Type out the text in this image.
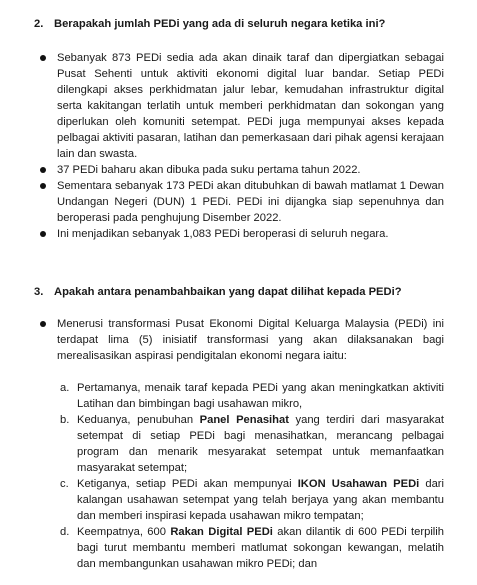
2. Berapakah jumlah PEDi yang ada di seluruh negara ketika ini?
Sebanyak 873 PEDi sedia ada akan dinaik taraf dan dipergiatkan sebagai Pusat Sehenti untuk aktiviti ekonomi digital luar bandar. Setiap PEDi dilengkapi akses perkhidmatan jalur lebar, kemudahan infrastruktur digital serta kakitangan terlatih untuk memberi perkhidmatan dan sokongan yang diperlukan oleh komuniti setempat. PEDi juga mempunyai akses kepada pelbagai aktiviti pasaran, latihan dan pemerkasaan dari pihak agensi kerajaan lain dan swasta.
37 PEDi baharu akan dibuka pada suku pertama tahun 2022.
Sementara sebanyak 173 PEDi akan ditubuhkan di bawah matlamat 1 Dewan Undangan Negeri (DUN) 1 PEDi. PEDi ini dijangka siap sepenuhnya dan beroperasi pada penghujung Disember 2022.
Ini menjadikan sebanyak 1,083 PEDi beroperasi di seluruh negara.
3. Apakah antara penambahbaikan yang dapat dilihat kepada PEDi?
Menerusi transformasi Pusat Ekonomi Digital Keluarga Malaysia (PEDi) ini terdapat lima (5) inisiatif transformasi yang akan dilaksanakan bagi merealisasikan aspirasi pendigitalan ekonomi negara iaitu:
a. Pertamanya, menaik taraf kepada PEDi yang akan meningkatkan aktiviti Latihan dan bimbingan bagi usahawan mikro,
b. Keduanya, penubuhan Panel Penasihat yang terdiri dari masyarakat setempat di setiap PEDi bagi menasihatkan, merancang pelbagai program dan menarik mesyarakat setempat untuk memanfaatkan masyarakat setempat;
c. Ketiganya, setiap PEDi akan mempunyai IKON Usahawan PEDi dari kalangan usahawan setempat yang telah berjaya yang akan membantu dan memberi inspirasi kepada usahawan mikro tempatan;
d. Keempatnya, 600 Rakan Digital PEDi akan dilantik di 600 PEDi terpilih bagi turut membantu memberi matlumat sokongan kewangan, melatih dan membangunkan usahawan mikro PEDi; dan
